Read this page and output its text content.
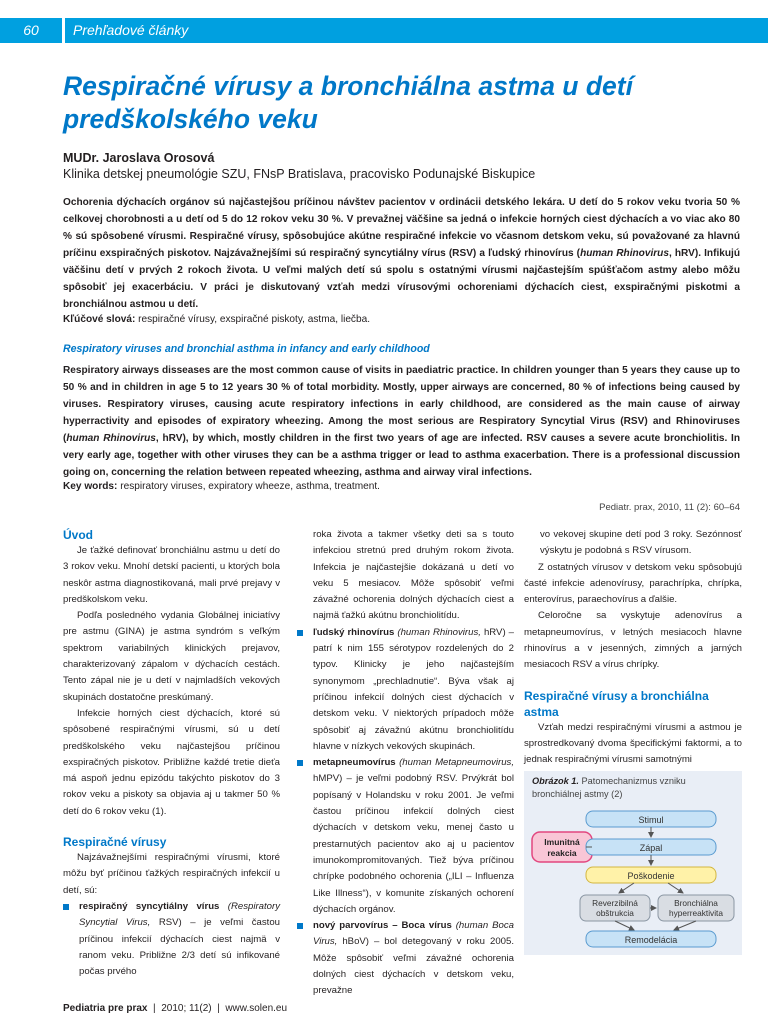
60	Prehľadové články
Respiračné vírusy a bronchiálna astma u detí predškolského veku

MUDr. Jaroslava Orosová

Klinika detskej pneumológie SZU, FNsP Bratislava, pracovisko Podunajské Biskupice

Ochorenia dýchacích orgánov sú najčastejšou príčinou návštev pacientov v ordinácii detského lekára. U detí do 5 rokov veku tvoria 50 % celkovej chorobnosti a u detí od 5 do 12 rokov veku 30 %. V prevažnej väčšine sa jedná o infekcie horných ciest dýchacích a vo viac ako 80 % sú spôsobené vírusmi. Respiračné vírusy, spôsobujúce akútne respiračné infekcie vo včasnom detskom veku, sú považované za hlavnú príčinu exspiračných piskotov. Najzávažnejšími sú respiračný syncytiálny vírus (RSV) a ľudský rhinovírus (human Rhinovirus, hRV). Infikujú väčšinu detí v prvých 2 rokoch života. U veľmi malých detí sú spolu s ostatnými vírusmi najčastejším spúšťačom astmy alebo môžu spôsobiť jej exacerbáciu. V práci je diskutovaný vzťah medzi vírusovými ochoreniami dýchacích ciest, exspiračnými piskotmi a bronchiálnou astmou u detí.

Kľúčové slová: respiračné vírusy, exspiračné piskoty, astma, liečba.

Respiratory viruses and bronchial asthma in infancy and early childhood

Respiratory airways disseases are the most common cause of visits in paediatric practice. In children younger than 5 years they cause up to 50 % and in children in age 5 to 12 years 30 % of total morbidity. Mostly, upper airways are concerned, 80 % of infections being caused by viruses. Respiratory viruses, causing acute respiratory infections in early childhood, are considered as the main cause of airway hyperractivity and episodes of expiratory wheezing. Among the most serious are Respiratory Syncytial Virus (RSV) and Rhinoviruses (human Rhinovirus, hRV), by which, mostly children in the first two years of age are infected. RSV causes a severe acute bronchiolitis. In very early age, together with other viruses they can be a asthma trigger or lead to asthma exacerbation. There is a professional discussion going on, concerning the relation between repeated wheezing, asthma and airway viral infections.

Key words: respiratory viruses, expiratory wheeze, asthma, treatment.

Pediatr. prax, 2010, 11 (2): 60–64

Úvod

Je ťažké definovať bronchiálnu astmu u detí do 3 rokov veku. Mnohí detskí pacienti, u ktorých bola neskôr astma diagnostikovaná, mali prvé prejavy v predškolskom veku.

Podľa posledného vydania Globálnej iniciatívy pre astmu (GINA) je astma syndróm s veľkým spektrom variabilných klinických prejavov, charakterizovaný zápalom v dýchacích cestách. Tento zápal nie je u detí v najmladších vekových skupinách dostatočne preskúmaný.

Infekcie horných ciest dýchacích, ktoré sú spôsobené respiračnými vírusmi, sú u detí predškolského veku najčastejšou príčinou exspiračných piskotov. Približne každé tretie dieťa má aspoň jednu epizódu takýchto piskotov do 3 rokov veku a piskoty sa objavia aj u takmer 50 % detí do 6 rokov veku (1).

Respiračné vírusy

Najzávažnejšími respiračnými vírusmi, ktoré môžu byť príčinou ťažkých respiračných infekcií u detí, sú:

respiračný syncytiálny vírus (Respiratory Syncytial Virus, RSV) – je veľmi častou príčinou infekcií dýchacích ciest najmä v ranom veku. Približne 2/3 detí sú infikované počas prvého

roka života a takmer všetky deti sa s touto infekciou stretnú pred druhým rokom života. Infekcia je najčastejšie dokázaná u detí vo veku 5 mesiacov. Môže spôsobiť veľmi závažné ochorenia dolných dýchacích ciest a najmä ťažkú akútnu bronchiolitídu.

ľudský rhinovírus (human Rhinovirus, hRV) – patrí k nim 155 sérotypov rozdelených do 2 typov. Klinicky je jeho najčastejším synonymom „prechladnutie“. Bývа však aj príčinou infekcií dolných ciest dýchacích v detskom veku. V niektorých prípadoch môže spôsobiť aj závažnú akútnu bronchiolitídu hlavne v nízkych vekových skupinách.

metapneumovírus (human Metapneumovirus, hMPV) – je veľmi podobný RSV. Prvýkrát bol popísaný v Holandsku v roku 2001. Je veľmi častou príčinou infekcií dolných ciest dýchacích v detskom veku, menej často u prestarnutých pacientov ako aj u pacientov imunokompromitovaných. Tiež býva príčinou chrípke podobného ochorenia („ILI – Influenza Like Illness“), v komunite získaných ochorení dýchacích orgánov.

nový parvovírus – Boca vírus (human Boca Virus, hBoV) – bol detegovaný v roku 2005. Môže spôsobiť veľmi závažné ochorenia dolných ciest dýchacích v detskom veku, prevažne

vo vekovej skupine detí pod 3 roky. Sezónnosť výskytu je podobná s RSV vírusom.

Z ostatných vírusov v detskom veku spôsobujú časté infekcie adenovírusy, parachrípka, chrípka, enterovírus, paraechovírus a ďalšie.

Celoročne sa vyskytuje adenovírus a metapneumovírus, v letných mesiacoch hlavne rhinovírus a v jesenných, zimných a jarných mesiacoch RSV a vírus chrípky.

Respiračné vírusy a bronchiálna astma

Vzťah medzi respiračnými vírusmi a astmou je sprostredkovaný dvoma špecifickými faktormi, a to jednak respiračnými vírusmi samotnými

Obrázok 1. Patomechanizmus vzniku bronchiálnej astmy (2)

Stimul
Imunitná
reakcia	Zápal
Poškodenie
Reverzibilná
obštrukcia
Bronchiálna
hyperreaktivita
Remodelácia

Pediatria pre prax  |  2010; 11(2)  |  www.solen.eu
